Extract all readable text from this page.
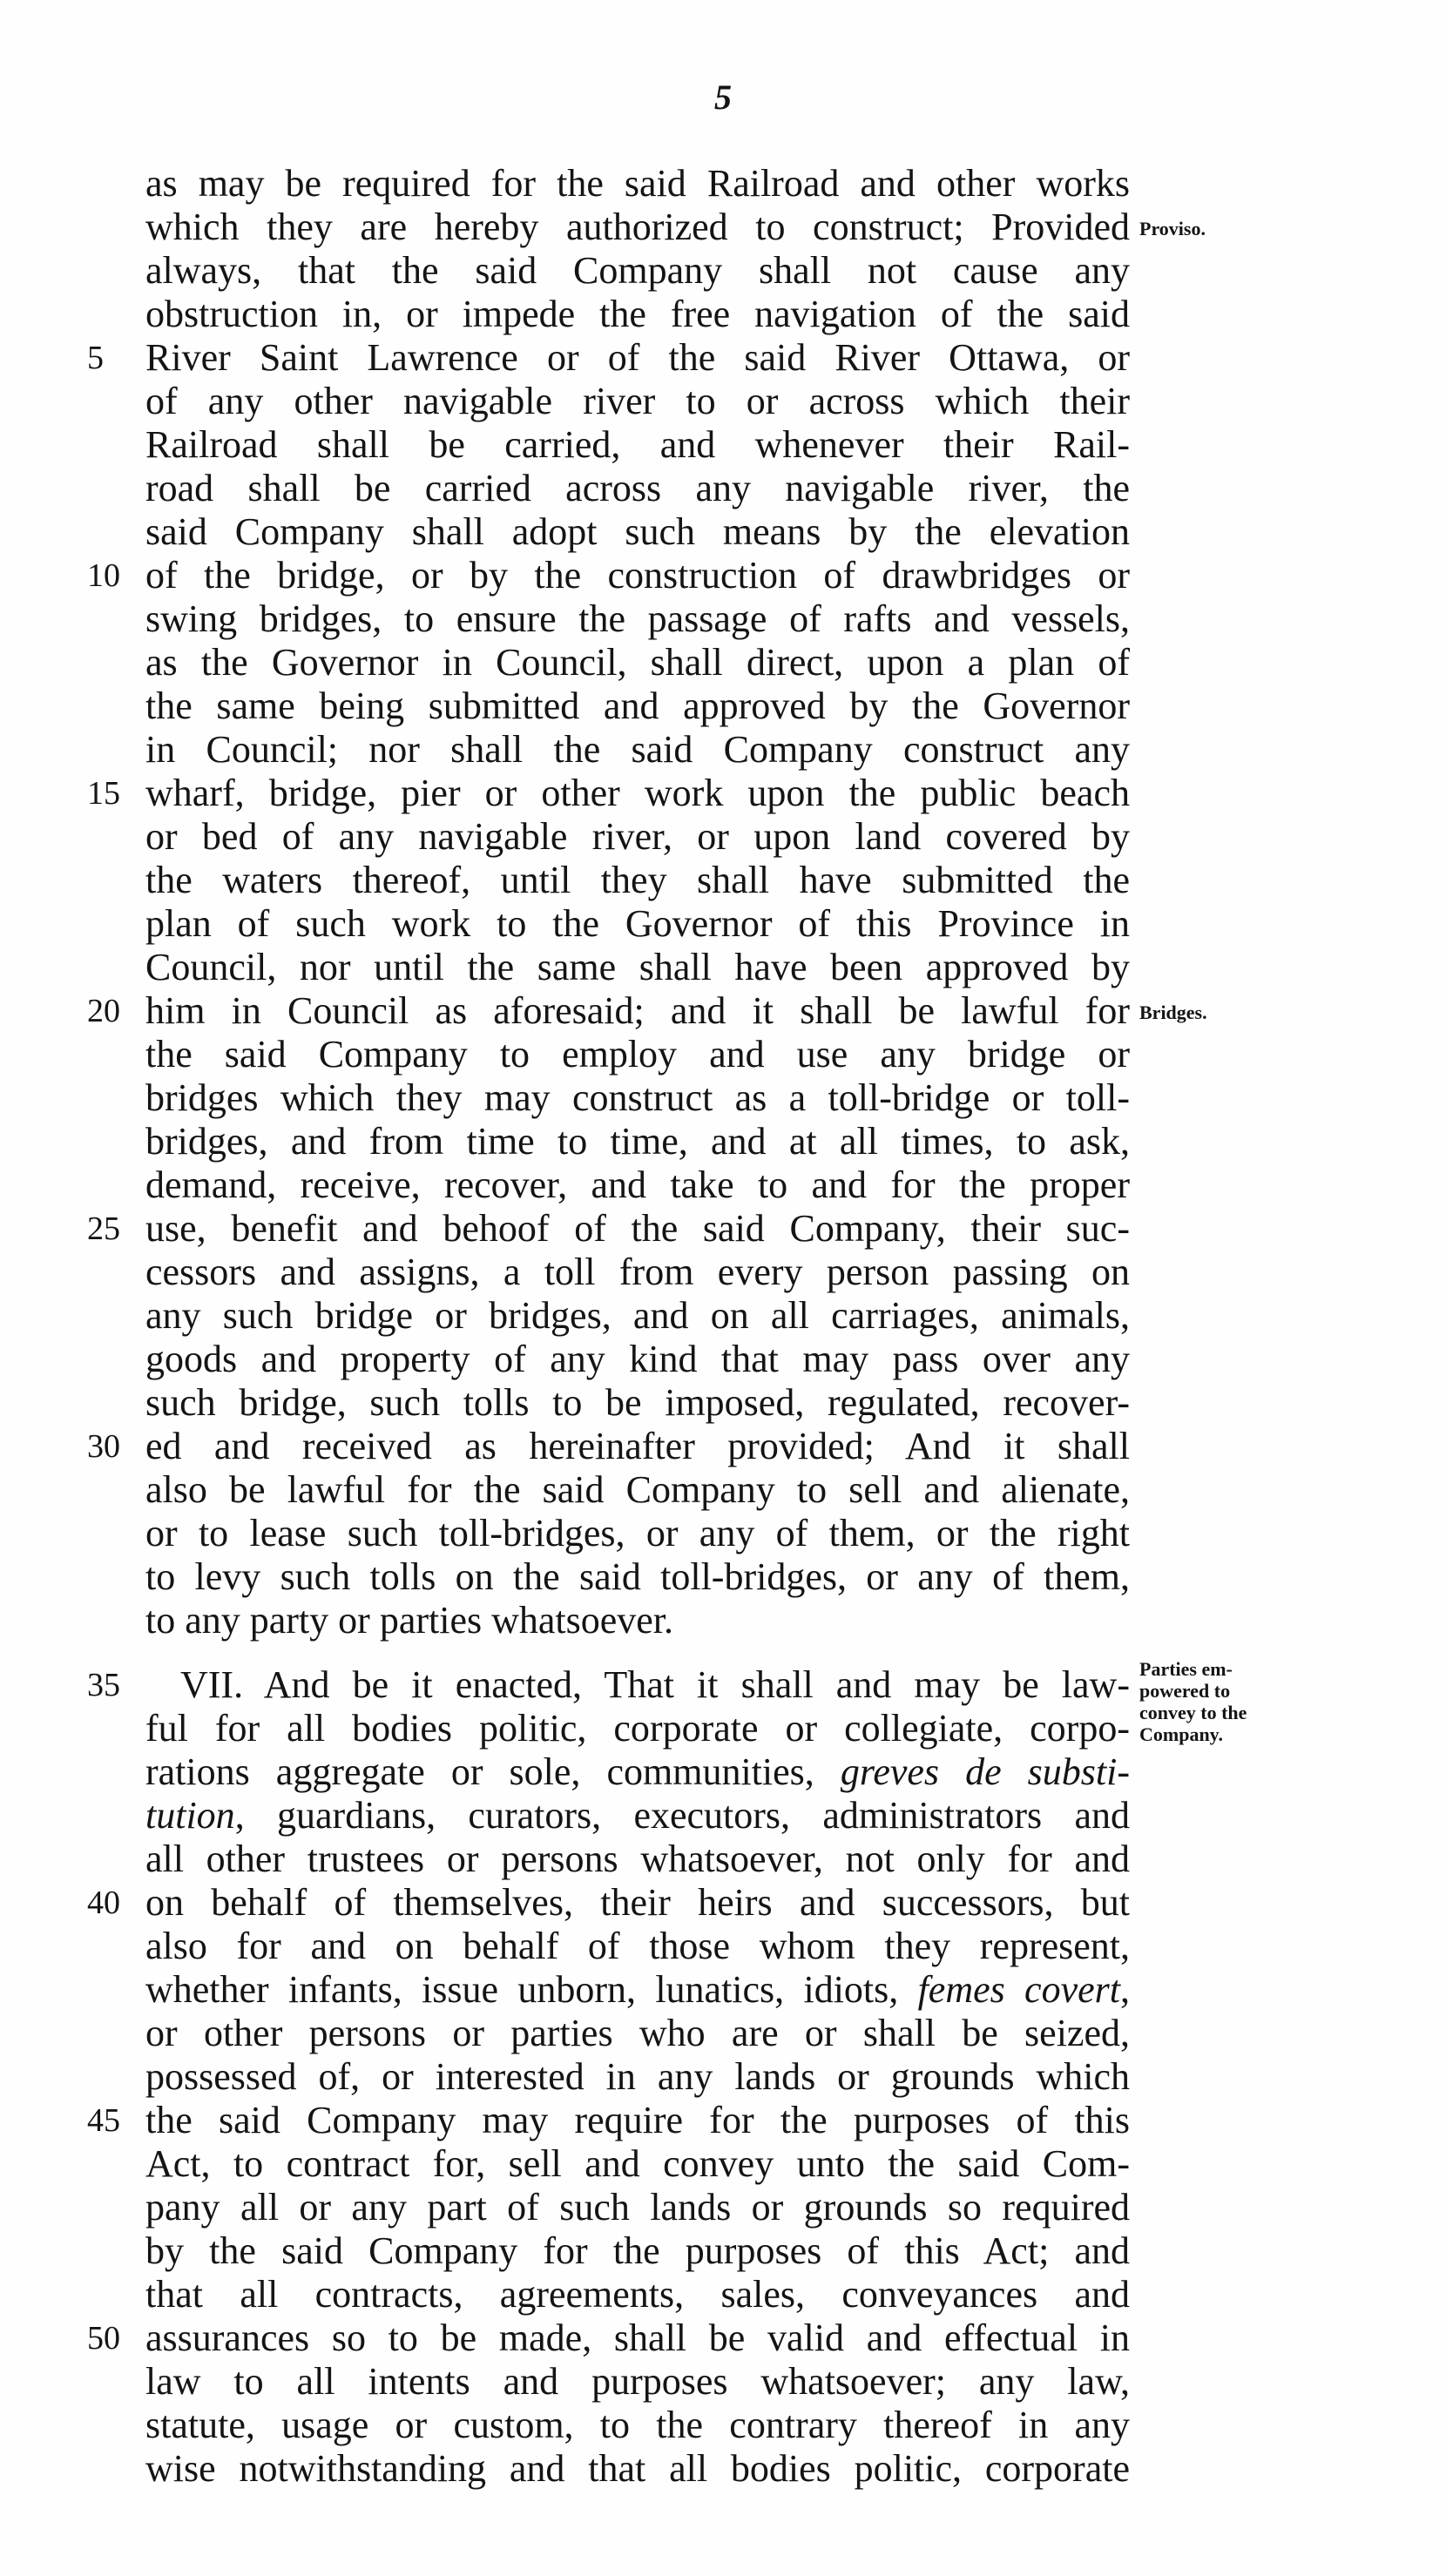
5
as may be required for the said Railroad and other works
which they are hereby authorized to construct; Provided
always, that the said Company shall not cause any
obstruction in, or impede the free navigation of the said
River Saint Lawrence or of the said River Ottawa, or
of any other navigable river to or across which their
Railroad shall be carried, and whenever their Rail-
road shall be carried across any navigable river, the
said Company shall adopt such means by the elevation
of the bridge, or by the construction of drawbridges or
swing bridges, to ensure the passage of rafts and vessels,
as the Governor in Council, shall direct, upon a plan of
the same being submitted and approved by the Governor
in Council; nor shall the said Company construct any
wharf, bridge, pier or other work upon the public beach
or bed of any navigable river, or upon land covered by
the waters thereof, until they shall have submitted the
plan of such work to the Governor of this Province in
Council, nor until the same shall have been approved by
him in Council as aforesaid; and it shall be lawful for
the said Company to employ and use any bridge or
bridges which they may construct as a toll-bridge or toll-
bridges, and from time to time, and at all times, to ask,
demand, receive, recover, and take to and for the proper
use, benefit and behoof of the said Company, their suc-
cessors and assigns, a toll from every person passing on
any such bridge or bridges, and on all carriages, animals,
goods and property of any kind that may pass over any
such bridge, such tolls to be imposed, regulated, recover-
ed and received as hereinafter provided; And it shall
also be lawful for the said Company to sell and alienate,
or to lease such toll-bridges, or any of them, or the right
to levy such tolls on the said toll-bridges, or any of them,
to any party or parties whatsoever.
VII. And be it enacted, That it shall and may be law-
ful for all bodies politic, corporate or collegiate, corpo-
rations aggregate or sole, communities, greves de substi-
tution, guardians, curators, executors, administrators and
all other trustees or persons whatsoever, not only for and
on behalf of themselves, their heirs and successors, but
also for and on behalf of those whom they represent,
whether infants, issue unborn, lunatics, idiots, femes covert,
or other persons or parties who are or shall be seized,
possessed of, or interested in any lands or grounds which
the said Company may require for the purposes of this
Act, to contract for, sell and convey unto the said Com-
pany all or any part of such lands or grounds so required
by the said Company for the purposes of this Act; and
that all contracts, agreements, sales, conveyances and
assurances so to be made, shall be valid and effectual in
law to all intents and purposes whatsoever; any law,
statute, usage or custom, to the contrary thereof in any
wise notwithstanding and that all bodies politic, corporate
5
10
15
20
25
30
35
40
45
50
Proviso.
Bridges.
Parties em-
powered to
convey to the
Company.
